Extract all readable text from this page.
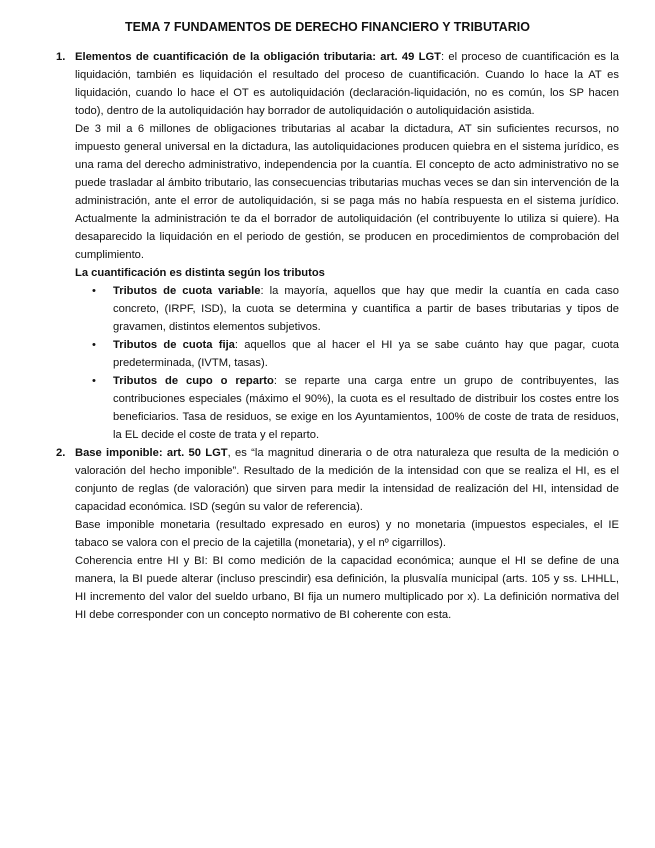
TEMA 7 FUNDAMENTOS DE DERECHO FINANCIERO Y TRIBUTARIO
1. Elementos de cuantificación de la obligación tributaria: art. 49 LGT: el proceso de cuantificación es la liquidación, también es liquidación el resultado del proceso de cuantificación. Cuando lo hace la AT es liquidación, cuando lo hace el OT es autoliquidación (declaración-liquidación, no es común, los SP hacen todo), dentro de la autoliquidación hay borrador de autoliquidación o autoliquidación asistida.

De 3 mil a 6 millones de obligaciones tributarias al acabar la dictadura, AT sin suficientes recursos, no impuesto general universal en la dictadura, las autoliquidaciones producen quiebra en el sistema jurídico, es una rama del derecho administrativo, independencia por la cuantía. El concepto de acto administrativo no se puede trasladar al ámbito tributario, las consecuencias tributarias muchas veces se dan sin intervención de la administración, ante el error de autoliquidación, si se paga más no había respuesta en el sistema jurídico. Actualmente la administración te da el borrador de autoliquidación (el contribuyente lo utiliza si quiere). Ha desaparecido la liquidación en el periodo de gestión, se producen en procedimientos de comprobación del cumplimiento.

La cuantificación es distinta según los tributos

• Tributos de cuota variable: la mayoría, aquellos que hay que medir la cuantía en cada caso concreto, (IRPF, ISD), la cuota se determina y cuantifica a partir de bases tributarias y tipos de gravamen, distintos elementos subjetivos.

• Tributos de cuota fija: aquellos que al hacer el HI ya se sabe cuánto hay que pagar, cuota predeterminada, (IVTM, tasas).

• Tributos de cupo o reparto: se reparte una carga entre un grupo de contribuyentes, las contribuciones especiales (máximo el 90%), la cuota es el resultado de distribuir los costes entre los beneficiarios. Tasa de residuos, se exige en los Ayuntamientos, 100% de coste de trata de residuos, la EL decide el coste de trata y el reparto.

2. Base imponible: art. 50 LGT, es “la magnitud dineraria o de otra naturaleza que resulta de la medición o valoración del hecho imponible”. Resultado de la medición de la intensidad con que se realiza el HI, es el conjunto de reglas (de valoración) que sirven para medir la intensidad de realización del HI, intensidad de capacidad económica. ISD (según su valor de referencia).

Base imponible monetaria (resultado expresado en euros) y no monetaria (impuestos especiales, el IE tabaco se valora con el precio de la cajetilla (monetaria), y el nº cigarrillos).

Coherencia entre HI y BI: BI como medición de la capacidad económica; aunque el HI se define de una manera, la BI puede alterar (incluso prescindir) esa definición, la plusvalía municipal (arts. 105 y ss. LHHLL, HI incremento del valor del sueldo urbano, BI fija un numero multiplicado por x). La definición normativa del HI debe corresponder con un concepto normativo de BI coherente con esta.
